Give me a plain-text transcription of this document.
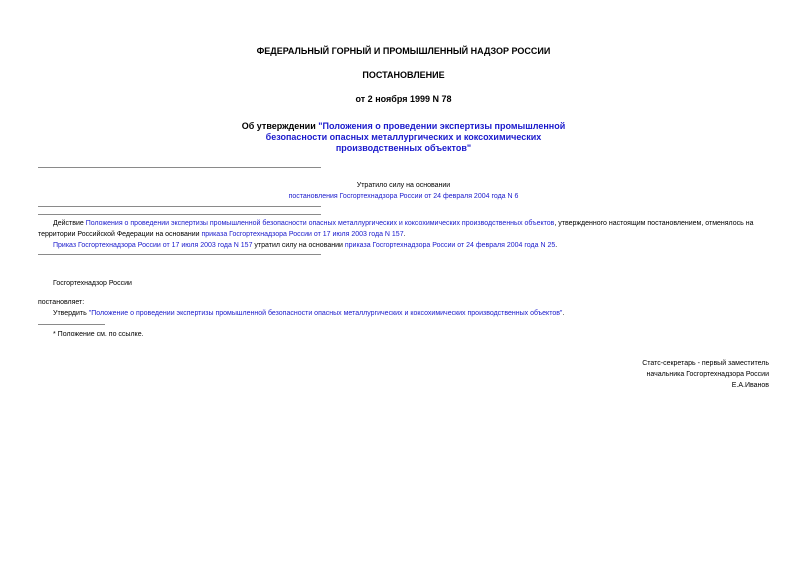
ФЕДЕРАЛЬНЫЙ ГОРНЫЙ И ПРОМЫШЛЕННЫЙ НАДЗОР РОССИИ
ПОСТАНОВЛЕНИЕ
от 2 ноября 1999 N 78
Об утверждении "Положения о проведении экспертизы промышленной
безопасности опасных металлургических и коксохимических
производственных объектов"
Утратило силу на основании
постановления Госгортехнадзора России от 24 февраля 2004 года N 6
Действие Положения о проведении экспертизы промышленной безопасности опасных металлургических и коксохимических производственных объектов, утвержденного настоящим постановлением, отменялось на
территории Российской Федерации на основании приказа Госгортехнадзора России от 17 июля 2003 года N 157.
Приказ Госгортехнадзора России от 17 июля 2003 года N 157 утратил силу на основании приказа Госгортехнадзора России от 24 февраля 2004 года N 25.
Госгортехнадзор России
постановляет:
Утвердить "Положение о проведении экспертизы промышленной безопасности опасных металлургических и коксохимических производственных объектов".
* Положение см. по ссылке.
Статс-секретарь - первый заместитель
начальника Госгортехнадзора России
Е.А.Иванов
